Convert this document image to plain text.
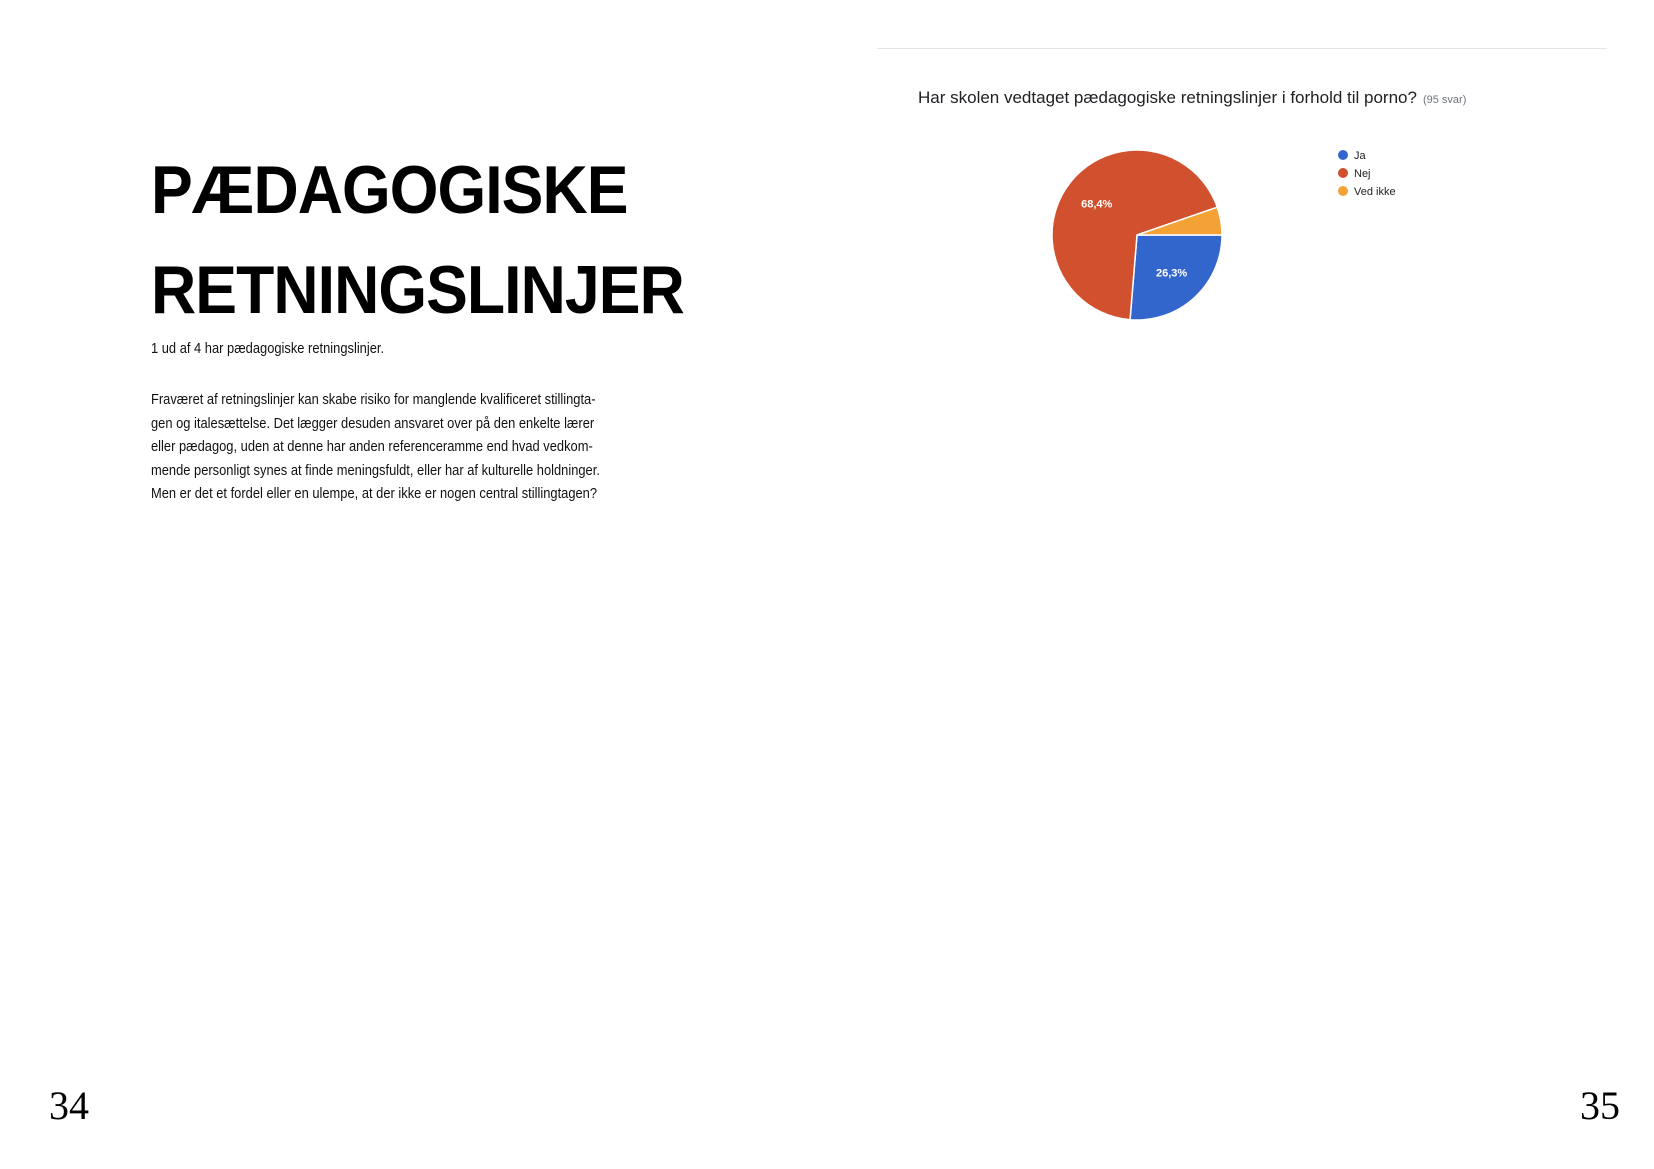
PÆDAGOGISKE
RETNINGSLINJER

1 ud af 4 har pædagogiske retningslinjer.

Fraværet af retningslinjer kan skabe risiko for manglende kvalificeret stillingta-
gen og italesættelse. Det lægger desuden ansvaret over på den enkelte lærer
eller pædagog, uden at denne har anden referenceramme end hvad vedkom-
mende personligt synes at finde meningsfuldt, eller har af kulturelle holdninger.
Men er det et fordel eller en ulempe, at der ikke er nogen central stillingtagen?

34
Har skolen vedtaget pædagogiske retningslinjer i forhold til porno? (95 svar)
26,3%
68,4%
Ja
Nej
Ved ikke
35
